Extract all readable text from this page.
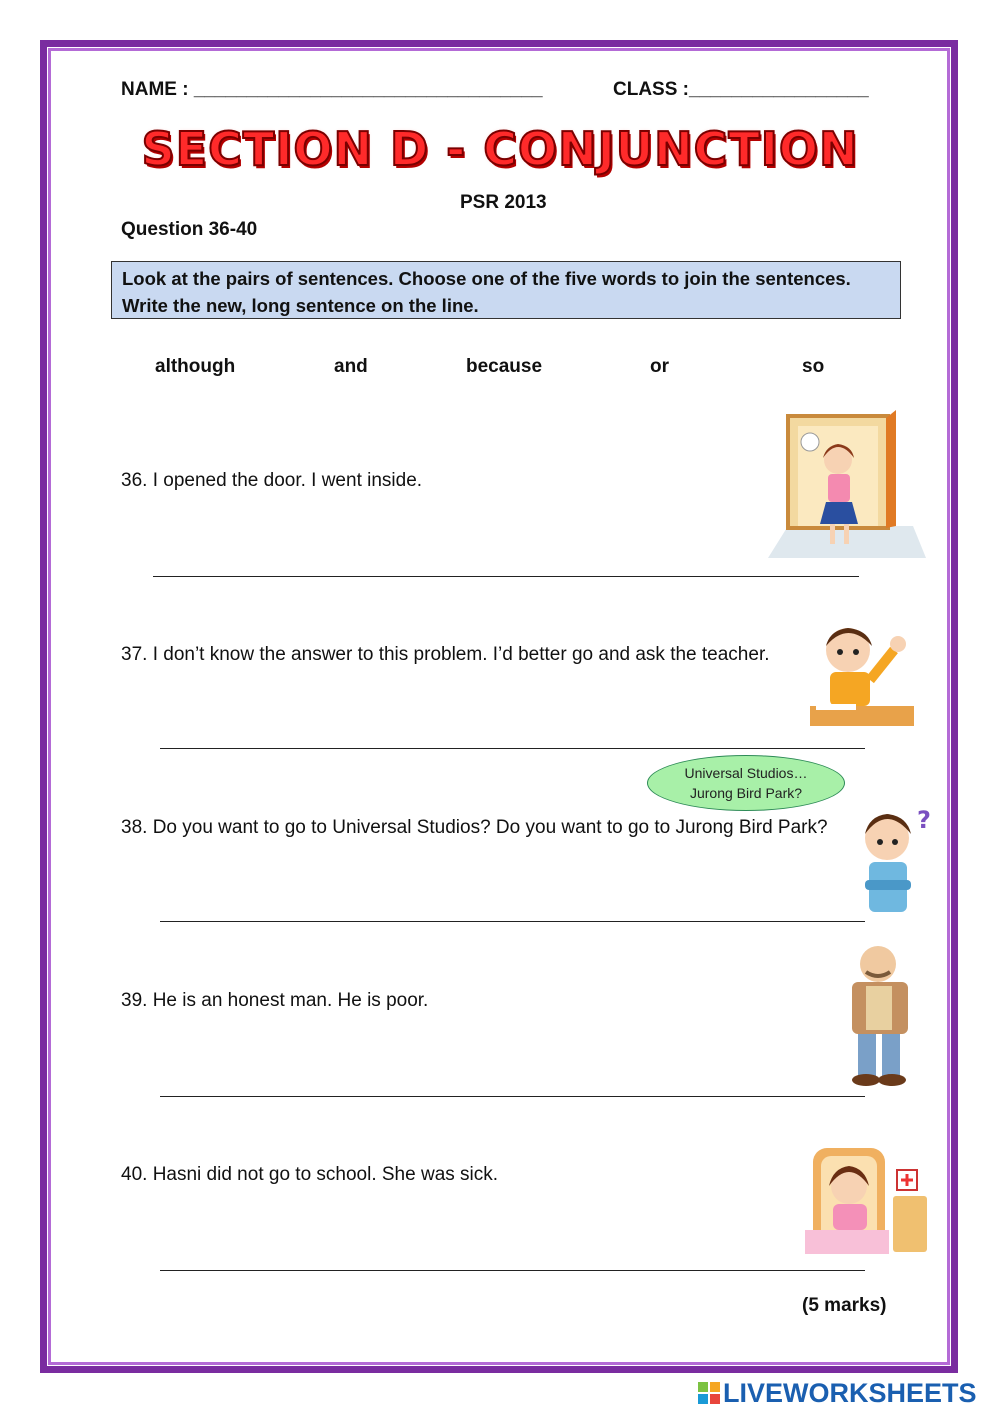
NAME : _________________________________	CLASS :_________________
SECTION D - CONJUNCTION
PSR 2013
Question 36-40
Look at the pairs of sentences. Choose one of the five words to join the sentences. Write the new, long sentence on the line.
although	and	because	or	so
36. I opened the door. I went inside.
37. I don’t know the answer to this problem. I’d better go and ask the teacher.
Universal Studios…
Jurong Bird Park?
38. Do you want to go to Universal Studios? Do you want to go to Jurong Bird Park?	?
39. He is an honest man. He is poor.
40. Hasni did not go to school. She was sick.
(5 marks)
LIVEWORKSHEETS
